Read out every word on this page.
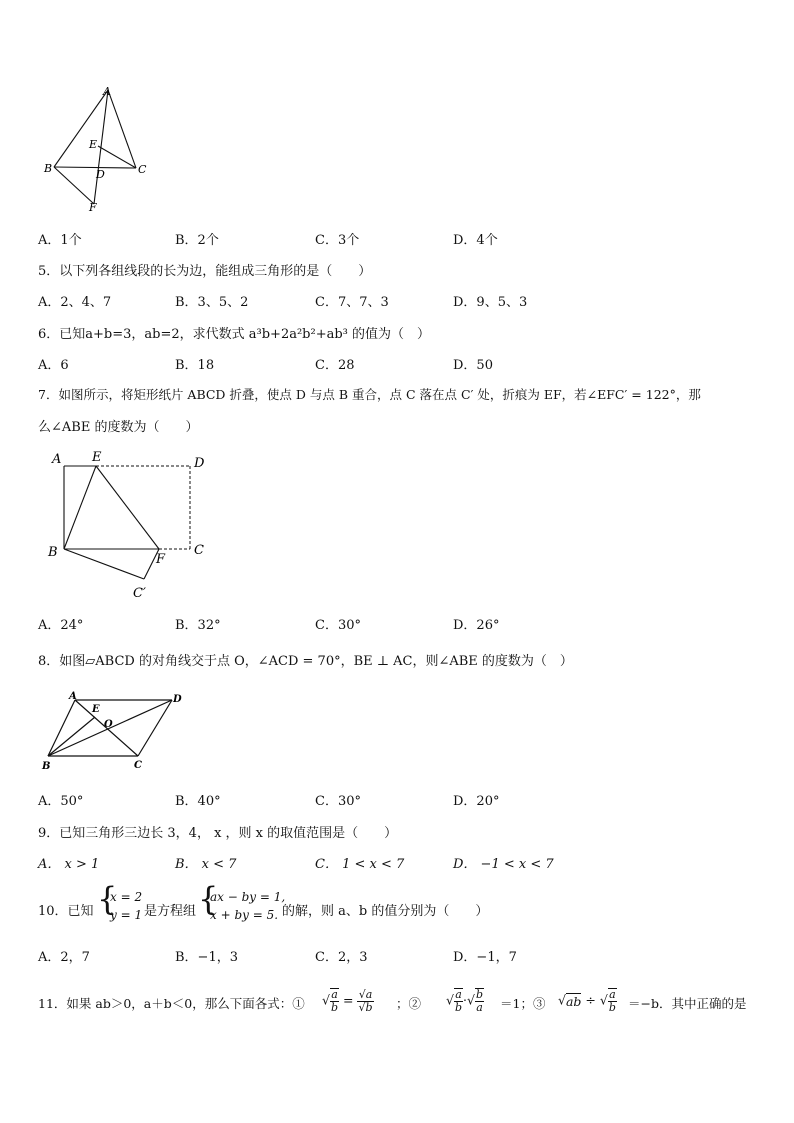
A
E
B	C
D
F
A．1个	B．2个	C．3个	D．4个
5．以下列各组线段的长为边，能组成三角形的是（　　）
A．2、4、7	B．3、5、2	C．7、7、3	D．9、5、3
6．已知a+b=3，ab=2，求代数式 a³b+2a²b²+ab³ 的值为（　）
A．6	B．18	C．28	D．50
7．如图所示，将矩形纸片 ABCD 折叠，使点 D 与点 B 重合，点 C 落在点 C′ 处，折痕为 EF，若∠EFC′ = 122°，那
么∠ABE 的度数为（　　）
A E	D
B	F
C
C′
A．24°	B．32°	C．30°	D．26°
8．如图▱ABCD 的对角线交于点 O，∠ACD = 70°，BE ⊥ AC，则∠ABE 的度数为（　）
A
E
O
D
B	C
A．50°	B．40°	C．30°	D．20°
9．已知三角形三边长 3，4， x ，则 x 的取值范围是（　　）
A． x > 1	B． x < 7	C． 1 < x < 7	D． −1 < x < 7
10．已知 {
x = 2
y = 1 是方程组 {
ax − by = 1,
x + by = 5. 的解，则 a、b 的值分别为（　　）
A．2，7	B．−1，3	C．2，3	D．−1，7
11．如果 ab＞0，a＋b＜0，那么下面各式：① √ $\frac{a}{b} = \frac{√a}{√b}$ ；② √ $\frac{a}{b}$ ·√ $\frac{b}{a} =1$；③ √ab ÷ √ $\frac{a}{b} =-b$．其中正确的是
